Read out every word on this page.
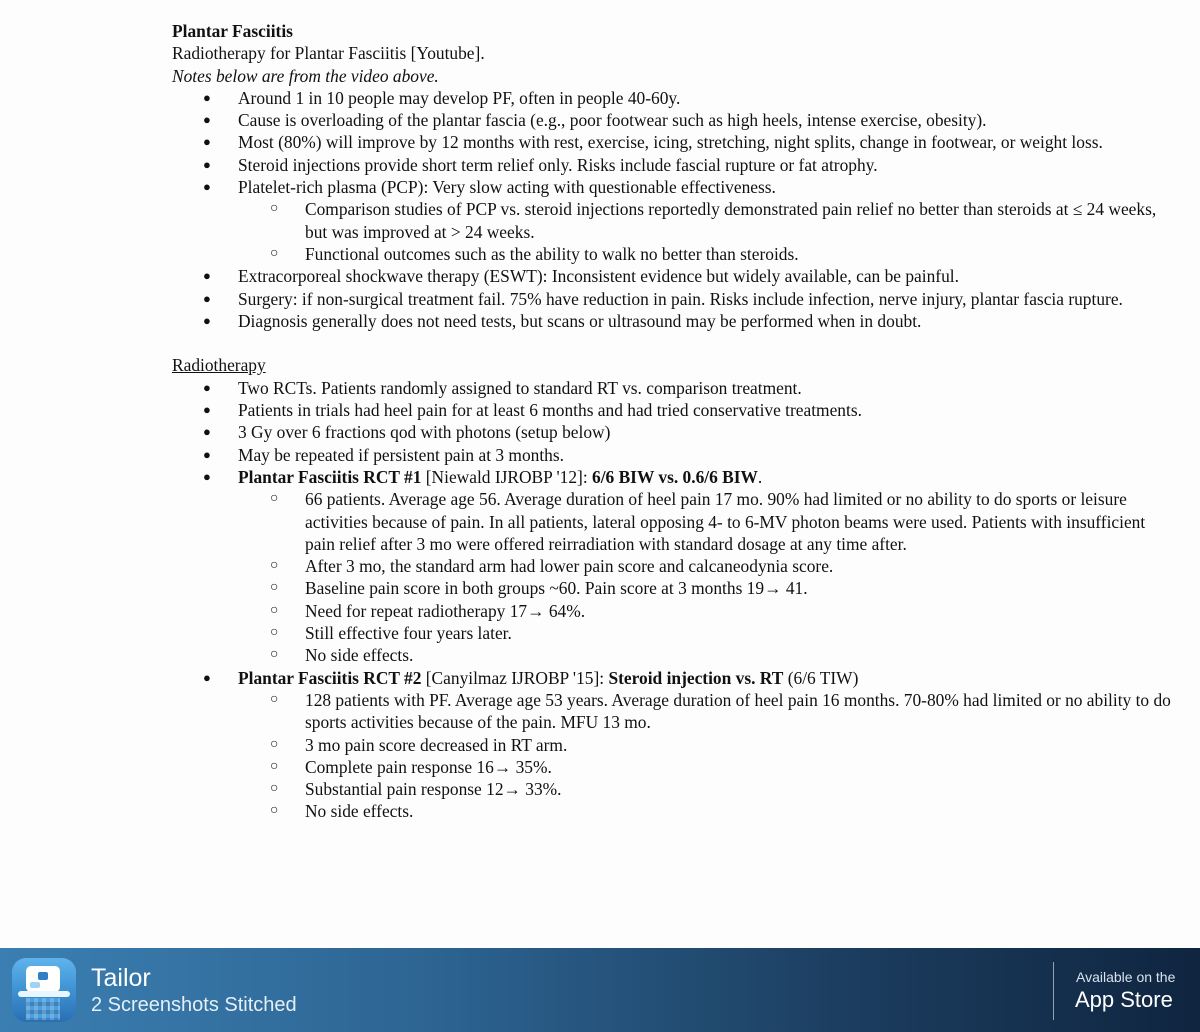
Plantar Fasciitis

Radiotherapy for Plantar Fasciitis [Youtube].

Notes below are from the video above.

● Around 1 in 10 people may develop PF, often in people 40-60y.
● Cause is overloading of the plantar fascia (e.g., poor footwear such as high heels, intense exercise, obesity).
● Most (80%) will improve by 12 months with rest, exercise, icing, stretching, night splits, change in footwear, or weight loss.
● Steroid injections provide short term relief only. Risks include fascial rupture or fat atrophy.
● Platelet-rich plasma (PCP): Very slow acting with questionable effectiveness.
○ Comparison studies of PCP vs. steroid injections reportedly demonstrated pain relief no better than steroids at ≤ 24 weeks, but was improved at > 24 weeks.
○ Functional outcomes such as the ability to walk no better than steroids.
● Extracorporeal shockwave therapy (ESWT): Inconsistent evidence but widely available, can be painful.
● Surgery: if non-surgical treatment fail. 75% have reduction in pain. Risks include infection, nerve injury, plantar fascia rupture.
● Diagnosis generally does not need tests, but scans or ultrasound may be performed when in doubt.

Radiotherapy

● Two RCTs. Patients randomly assigned to standard RT vs. comparison treatment.
● Patients in trials had heel pain for at least 6 months and had tried conservative treatments.
● 3 Gy over 6 fractions qod with photons (setup below)
● May be repeated if persistent pain at 3 months.
● Plantar Fasciitis RCT #1 [Niewald IJROBP '12]: 6/6 BIW vs. 0.6/6 BIW.
○ 66 patients. Average age 56. Average duration of heel pain 17 mo. 90% had limited or no ability to do sports or leisure activities because of pain. In all patients, lateral opposing 4- to 6-MV photon beams were used. Patients with insufficient pain relief after 3 mo were offered reirradiation with standard dosage at any time after.
○ After 3 mo, the standard arm had lower pain score and calcaneodynia score.
○ Baseline pain score in both groups ~60. Pain score at 3 months 19→ 41.
○ Need for repeat radiotherapy 17→ 64%.
○ Still effective four years later.
○ No side effects.
● Plantar Fasciitis RCT #2 [Canyilmaz IJROBP '15]: Steroid injection vs. RT (6/6 TIW)
○ 128 patients with PF. Average age 53 years. Average duration of heel pain 16 months. 70-80% had limited or no ability to do sports activities because of the pain. MFU 13 mo.
○ 3 mo pain score decreased in RT arm.
○ Complete pain response 16→ 35%.
○ Substantial pain response 12→ 33%.
○ No side effects.
Tailor
2 Screenshots Stitched
Available on the
App Store
